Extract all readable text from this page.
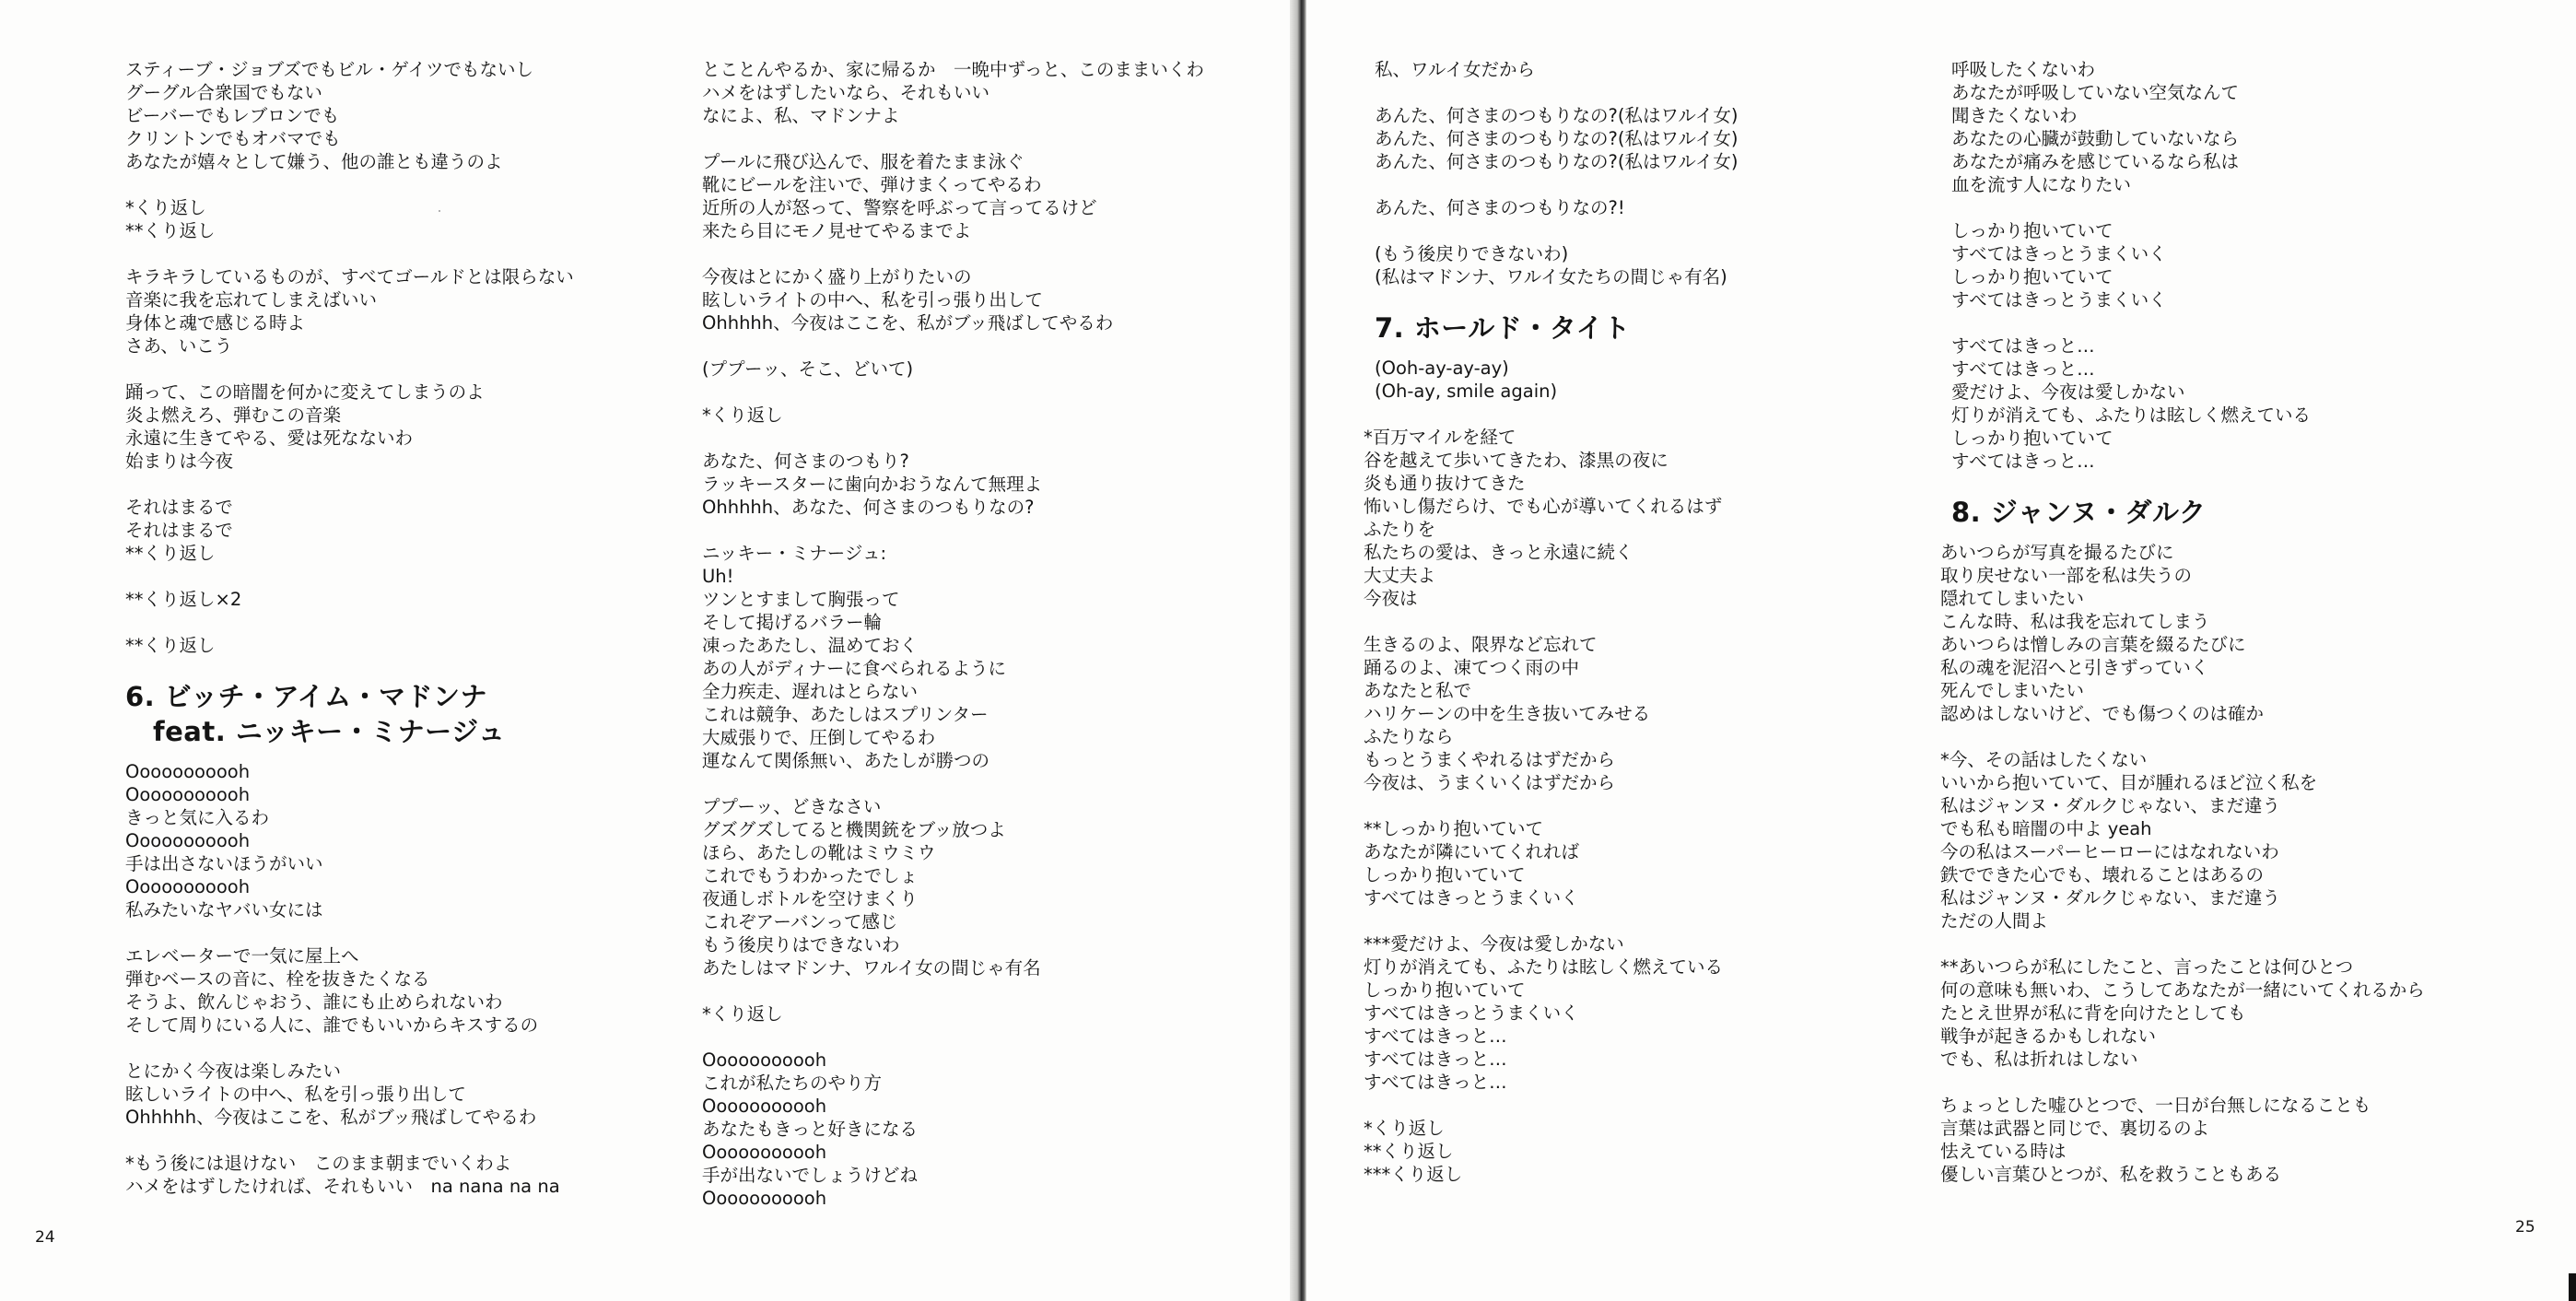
スティーブ・ジョブズでもビル・ゲイツでもないし
グーグル合衆国でもない
ビーバーでもレブロンでも
クリントンでもオバマでも
あなたが嬉々として嫌う、他の誰とも違うのよ
*くり返し
**くり返し
キラキラしているものが、すべてゴールドとは限らない
音楽に我を忘れてしまえばいい
身体と魂で感じる時よ
さあ、いこう
踊って、この暗闇を何かに変えてしまうのよ
炎よ燃えろ、弾むこの音楽
永遠に生きてやる、愛は死なないわ
始まりは今夜
それはまるで
それはまるで
**くり返し
**くり返し×2
**くり返し
6. ビッチ・アイム・マドンナ
feat. ニッキー・ミナージュ
Ooooooooooh
Ooooooooooh
きっと気に入るわ
Ooooooooooh
手は出さないほうがいい
Ooooooooooh
私みたいなヤバい女には
エレベーターで一気に屋上へ
弾むベースの音に、栓を抜きたくなる
そうよ、飲んじゃおう、誰にも止められないわ
そして周りにいる人に、誰でもいいからキスするの
とにかく今夜は楽しみたい
眩しいライトの中へ、私を引っ張り出して
Ohhhhh、今夜はここを、私がブッ飛ばしてやるわ
*もう後には退けない　このまま朝までいくわよ
ハメをはずしたければ、それもいい　na nana na na
とことんやるか、家に帰るか　一晩中ずっと、このままいくわ
ハメをはずしたいなら、それもいい
なによ、私、マドンナよ
プールに飛び込んで、服を着たまま泳ぐ
靴にビールを注いで、弾けまくってやるわ
近所の人が怒って、警察を呼ぶって言ってるけど
来たら目にモノ見せてやるまでよ
今夜はとにかく盛り上がりたいの
眩しいライトの中へ、私を引っ張り出して
Ohhhhh、今夜はここを、私がブッ飛ばしてやるわ
(ププーッ、そこ、どいて)
*くり返し
あなた、何さまのつもり?
ラッキースターに歯向かおうなんて無理よ
Ohhhhh、あなた、何さまのつもりなの?
ニッキー・ミナージュ:
Uh!
ツンとすまして胸張って
そして掲げるバラー輪
凍ったあたし、温めておく
あの人がディナーに食べられるように
全力疾走、遅れはとらない
これは競争、あたしはスプリンター
大威張りで、圧倒してやるわ
運なんて関係無い、あたしが勝つの
ププーッ、どきなさい
グズグズしてると機関銃をブッ放つよ
ほら、あたしの靴はミウミウ
これでもうわかったでしょ
夜通しボトルを空けまくり
これぞアーバンって感じ
もう後戻りはできないわ
あたしはマドンナ、ワルイ女の間じゃ有名
*くり返し
Ooooooooooh
これが私たちのやり方
Ooooooooooh
あなたもきっと好きになる
Ooooooooooh
手が出ないでしょうけどね
Ooooooooooh
24
私、ワルイ女だから
あんた、何さまのつもりなの?(私はワルイ女)
あんた、何さまのつもりなの?(私はワルイ女)
あんた、何さまのつもりなの?(私はワルイ女)
あんた、何さまのつもりなの?!
(もう後戻りできないわ)
(私はマドンナ、ワルイ女たちの間じゃ有名)
7. ホールド・タイト
(Ooh-ay-ay-ay)
(Oh-ay, smile again)
*百万マイルを経て
谷を越えて歩いてきたわ、漆黒の夜に
炎も通り抜けてきた
怖いし傷だらけ、でも心が導いてくれるはず
ふたりを
私たちの愛は、きっと永遠に続く
大丈夫よ
今夜は
生きるのよ、限界など忘れて
踊るのよ、凍てつく雨の中
あなたと私で
ハリケーンの中を生き抜いてみせる
ふたりなら
もっとうまくやれるはずだから
今夜は、うまくいくはずだから
**しっかり抱いていて
あなたが隣にいてくれれば
しっかり抱いていて
すべてはきっとうまくいく
***愛だけよ、今夜は愛しかない
灯りが消えても、ふたりは眩しく燃えている
しっかり抱いていて
すべてはきっとうまくいく
すべてはきっと…
すべてはきっと…
すべてはきっと…
*くり返し
**くり返し
***くり返し
呼吸したくないわ
あなたが呼吸していない空気なんて
聞きたくないわ
あなたの心臓が鼓動していないなら
あなたが痛みを感じているなら私は
血を流す人になりたい
しっかり抱いていて
すべてはきっとうまくいく
しっかり抱いていて
すべてはきっとうまくいく
すべてはきっと…
すべてはきっと…
愛だけよ、今夜は愛しかない
灯りが消えても、ふたりは眩しく燃えている
しっかり抱いていて
すべてはきっと…
8. ジャンヌ・ダルク
あいつらが写真を撮るたびに
取り戻せない一部を私は失うの
隠れてしまいたい
こんな時、私は我を忘れてしまう
あいつらは憎しみの言葉を綴るたびに
私の魂を泥沼へと引きずっていく
死んでしまいたい
認めはしないけど、でも傷つくのは確か
*今、その話はしたくない
いいから抱いていて、目が腫れるほど泣く私を
私はジャンヌ・ダルクじゃない、まだ違う
でも私も暗闇の中よ yeah
今の私はスーパーヒーローにはなれないわ
鉄でできた心でも、壊れることはあるの
私はジャンヌ・ダルクじゃない、まだ違う
ただの人間よ
**あいつらが私にしたこと、言ったことは何ひとつ
何の意味も無いわ、こうしてあなたが一緒にいてくれるから
たとえ世界が私に背を向けたとしても
戦争が起きるかもしれない
でも、私は折れはしない
ちょっとした嘘ひとつで、一日が台無しになることも
言葉は武器と同じで、裏切るのよ
怯えている時は
優しい言葉ひとつが、私を救うこともある
25
